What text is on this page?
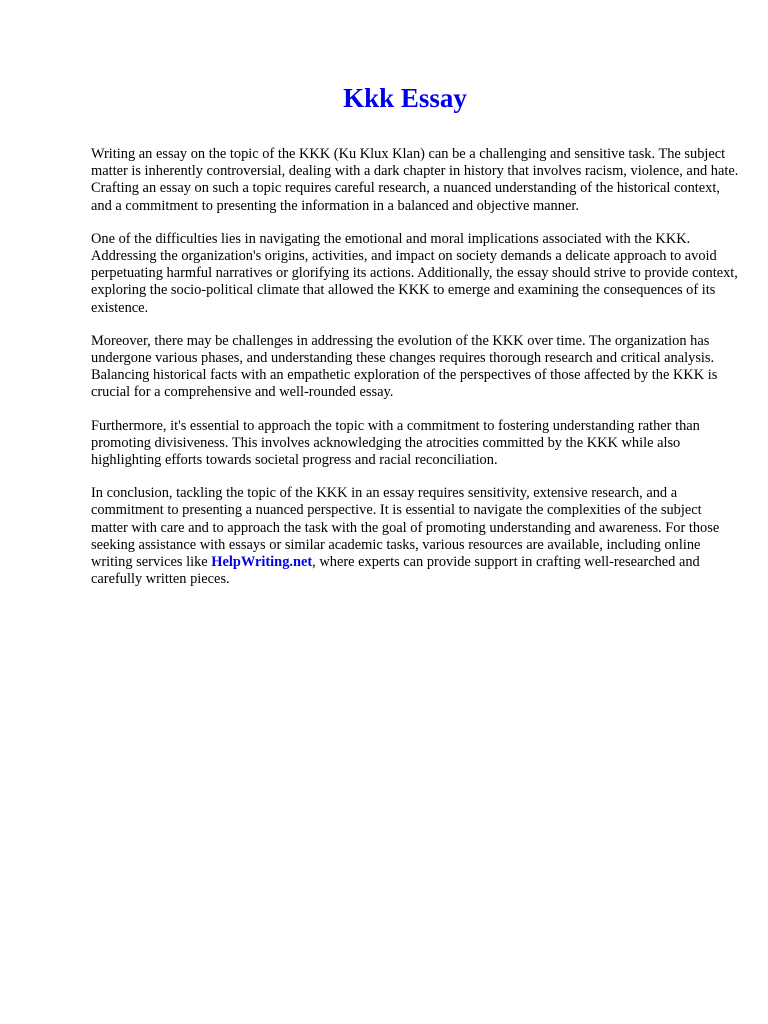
Kkk Essay

Writing an essay on the topic of the KKK (Ku Klux Klan) can be a challenging and sensitive task. The subject matter is inherently controversial, dealing with a dark chapter in history that involves racism, violence, and hate. Crafting an essay on such a topic requires careful research, a nuanced understanding of the historical context, and a commitment to presenting the information in a balanced and objective manner.

One of the difficulties lies in navigating the emotional and moral implications associated with the KKK. Addressing the organization's origins, activities, and impact on society demands a delicate approach to avoid perpetuating harmful narratives or glorifying its actions. Additionally, the essay should strive to provide context, exploring the socio-political climate that allowed the KKK to emerge and examining the consequences of its existence.

Moreover, there may be challenges in addressing the evolution of the KKK over time. The organization has undergone various phases, and understanding these changes requires thorough research and critical analysis. Balancing historical facts with an empathetic exploration of the perspectives of those affected by the KKK is crucial for a comprehensive and well-rounded essay.

Furthermore, it's essential to approach the topic with a commitment to fostering understanding rather than promoting divisiveness. This involves acknowledging the atrocities committed by the KKK while also highlighting efforts towards societal progress and racial reconciliation.

In conclusion, tackling the topic of the KKK in an essay requires sensitivity, extensive research, and a commitment to presenting a nuanced perspective. It is essential to navigate the complexities of the subject matter with care and to approach the task with the goal of promoting understanding and awareness. For those seeking assistance with essays or similar academic tasks, various resources are available, including online writing services like HelpWriting.net, where experts can provide support in crafting well-researched and carefully written pieces.
